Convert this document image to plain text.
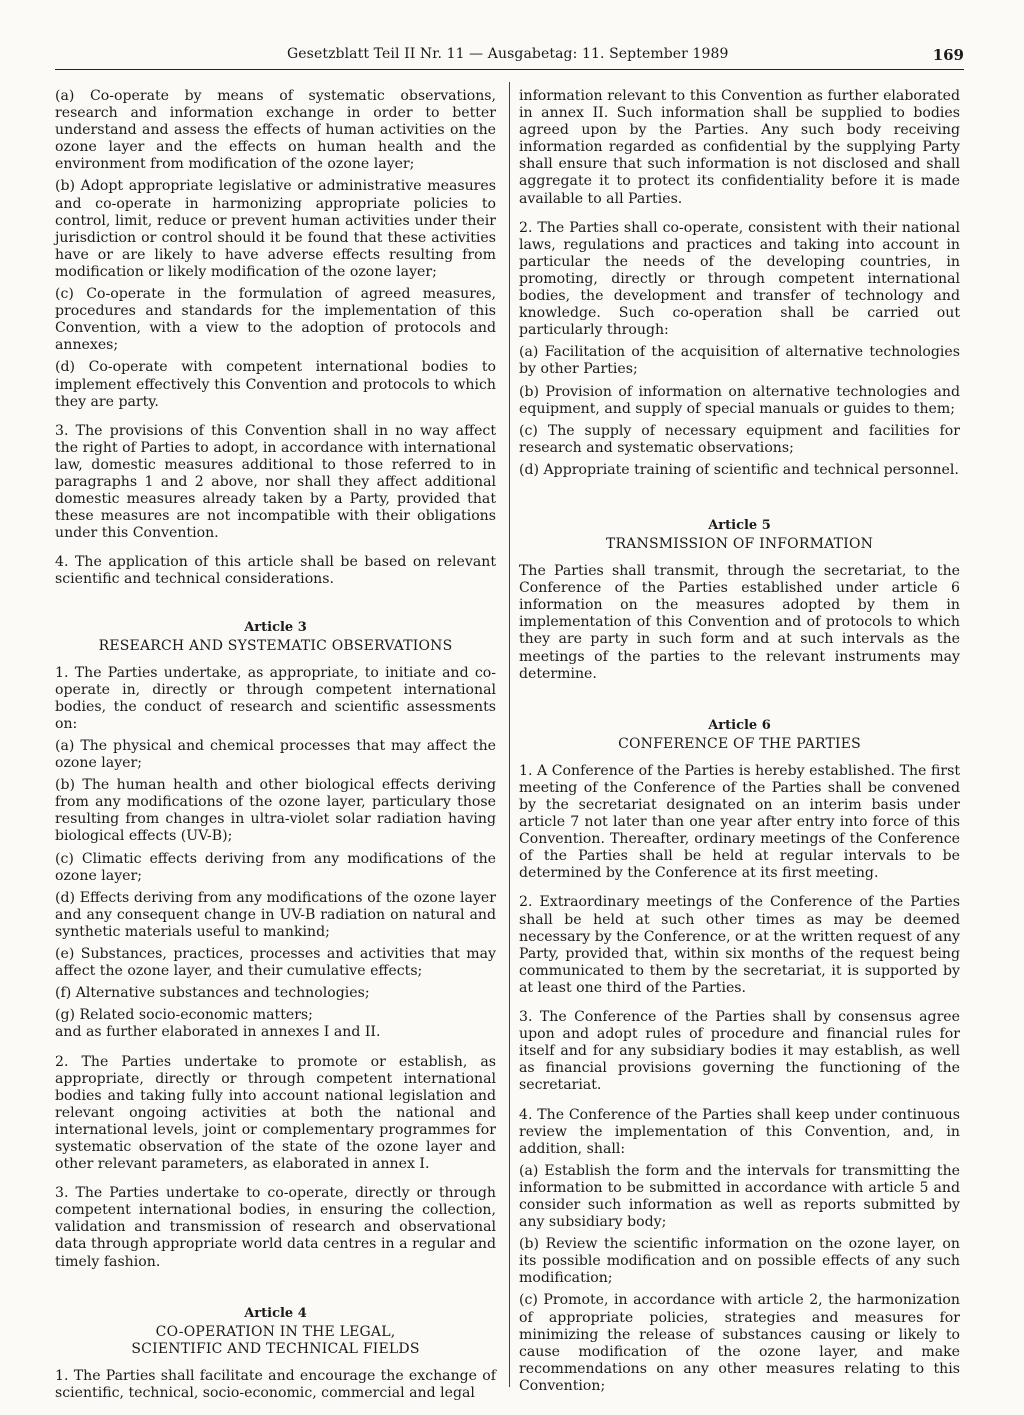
Gesetzblatt Teil II Nr. 11 — Ausgabetag: 11. September 1989	169

(a) Co-operate by means of systematic observations, research and information exchange in order to better understand and assess the effects of human activities on the ozone layer and the effects on human health and the environment from modification of the ozone layer;

(b) Adopt appropriate legislative or administrative measures and co-operate in harmonizing appropriate policies to control, limit, reduce or prevent human activities under their jurisdiction or control should it be found that these activities have or are likely to have adverse effects resulting from modification or likely modification of the ozone layer;

(c) Co-operate in the formulation of agreed measures, procedures and standards for the implementation of this Convention, with a view to the adoption of protocols and annexes;

(d) Co-operate with competent international bodies to implement effectively this Convention and protocols to which they are party.

3. The provisions of this Convention shall in no way affect the right of Parties to adopt, in accordance with international law, domestic measures additional to those referred to in paragraphs 1 and 2 above, nor shall they affect additional domestic measures already taken by a Party, provided that these measures are not incompatible with their obligations under this Convention.

4. The application of this article shall be based on relevant scientific and technical considerations.

Article 3
RESEARCH AND SYSTEMATIC OBSERVATIONS

1. The Parties undertake, as appropriate, to initiate and co-operate in, directly or through competent international bodies, the conduct of research and scientific assessments on:

(a) The physical and chemical processes that may affect the ozone layer;

(b) The human health and other biological effects deriving from any modifications of the ozone layer, particulary those resulting from changes in ultra-violet solar radiation having biological effects (UV-B);

(c) Climatic effects deriving from any modifications of the ozone layer;

(d) Effects deriving from any modifications of the ozone layer and any consequent change in UV-B radiation on natural and synthetic materials useful to mankind;

(e) Substances, practices, processes and activities that may affect the ozone layer, and their cumulative effects;

(f) Alternative substances and technologies;

(g) Related socio-economic matters;

and as further elaborated in annexes I and II.

2. The Parties undertake to promote or establish, as appropriate, directly or through competent international bodies and taking fully into account national legislation and relevant ongoing activities at both the national and international levels, joint or complementary programmes for systematic observation of the state of the ozone layer and other relevant parameters, as elaborated in annex I.

3. The Parties undertake to co-operate, directly or through competent international bodies, in ensuring the collection, validation and transmission of research and observational data through appropriate world data centres in a regular and timely fashion.

Article 4
CO-OPERATION IN THE LEGAL,
SCIENTIFIC AND TECHNICAL FIELDS

1. The Parties shall facilitate and encourage the exchange of scientific, technical, socio-economic, commercial and legal

information relevant to this Convention as further elaborated in annex II. Such information shall be supplied to bodies agreed upon by the Parties. Any such body receiving information regarded as confidential by the supplying Party shall ensure that such information is not disclosed and shall aggregate it to protect its confidentiality before it is made available to all Parties.

2. The Parties shall co-operate, consistent with their national laws, regulations and practices and taking into account in particular the needs of the developing countries, in promoting, directly or through competent international bodies, the development and transfer of technology and knowledge. Such co-operation shall be carried out particularly through:

(a) Facilitation of the acquisition of alternative technologies by other Parties;

(b) Provision of information on alternative technologies and equipment, and supply of special manuals or guides to them;

(c) The supply of necessary equipment and facilities for research and systematic observations;

(d) Appropriate training of scientific and technical personnel.

Article 5
TRANSMISSION OF INFORMATION

The Parties shall transmit, through the secretariat, to the Conference of the Parties established under article 6 information on the measures adopted by them in implementation of this Convention and of protocols to which they are party in such form and at such intervals as the meetings of the parties to the relevant instruments may determine.

Article 6
CONFERENCE OF THE PARTIES

1. A Conference of the Parties is hereby established. The first meeting of the Conference of the Parties shall be convened by the secretariat designated on an interim basis under article 7 not later than one year after entry into force of this Convention. Thereafter, ordinary meetings of the Conference of the Parties shall be held at regular intervals to be determined by the Conference at its first meeting.

2. Extraordinary meetings of the Conference of the Parties shall be held at such other times as may be deemed necessary by the Conference, or at the written request of any Party, provided that, within six months of the request being communicated to them by the secretariat, it is supported by at least one third of the Parties.

3. The Conference of the Parties shall by consensus agree upon and adopt rules of procedure and financial rules for itself and for any subsidiary bodies it may establish, as well as financial provisions governing the functioning of the secretariat.

4. The Conference of the Parties shall keep under continuous review the implementation of this Convention, and, in addition, shall:

(a) Establish the form and the intervals for transmitting the information to be submitted in accordance with article 5 and consider such information as well as reports submitted by any subsidiary body;

(b) Review the scientific information on the ozone layer, on its possible modification and on possible effects of any such modification;

(c) Promote, in accordance with article 2, the harmonization of appropriate policies, strategies and measures for minimizing the release of substances causing or likely to cause modification of the ozone layer, and make recommendations on any other measures relating to this Convention;
